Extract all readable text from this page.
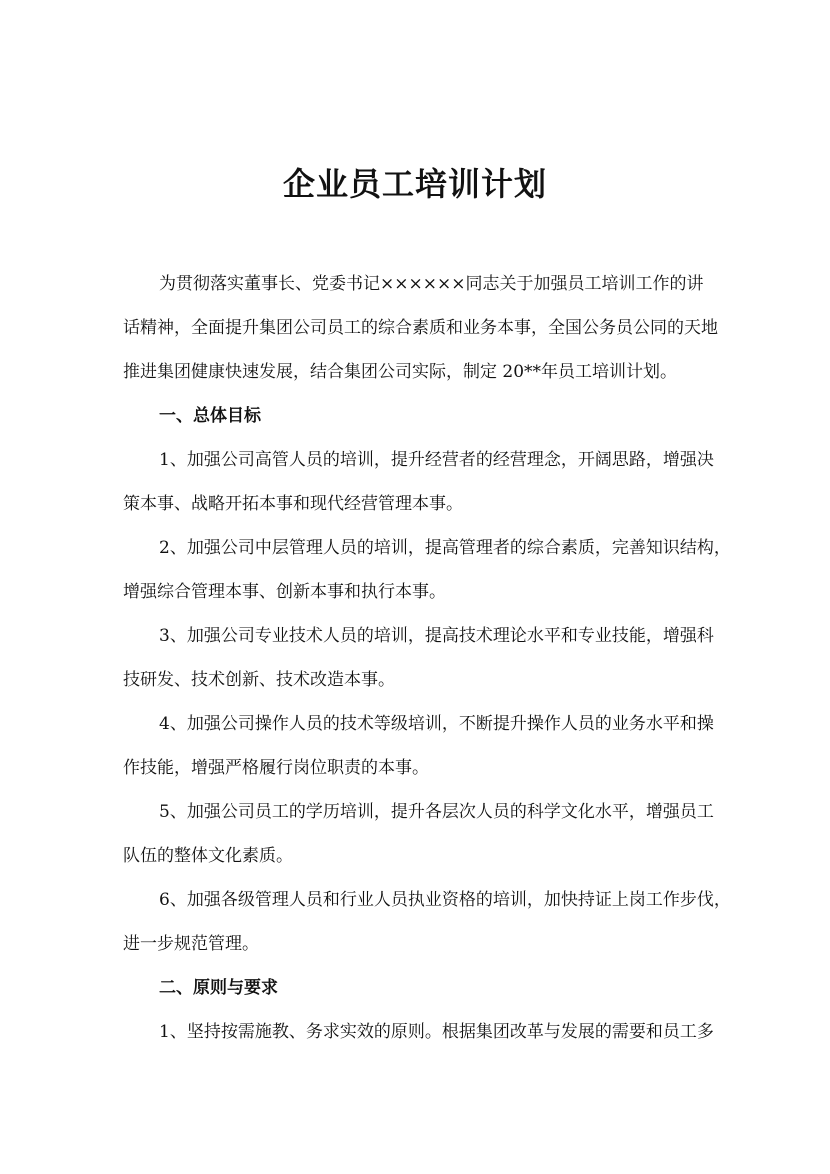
企业员工培训计划

为贯彻落实董事长、党委书记××××××同志关于加强员工培训工作的讲
话精神，全面提升集团公司员工的综合素质和业务本事，全国公务员公同的天地
推进集团健康快速发展，结合集团公司实际，制定 20**年员工培训计划。

一、总体目标

1、加强公司高管人员的培训，提升经营者的经营理念，开阔思路，增强决
策本事、战略开拓本事和现代经营管理本事。

2、加强公司中层管理人员的培训，提高管理者的综合素质，完善知识结构，
增强综合管理本事、创新本事和执行本事。

3、加强公司专业技术人员的培训，提高技术理论水平和专业技能，增强科
技研发、技术创新、技术改造本事。

4、加强公司操作人员的技术等级培训，不断提升操作人员的业务水平和操
作技能，增强严格履行岗位职责的本事。

5、加强公司员工的学历培训，提升各层次人员的科学文化水平，增强员工
队伍的整体文化素质。

6、加强各级管理人员和行业人员执业资格的培训，加快持证上岗工作步伐，
进一步规范管理。

二、原则与要求

1、坚持按需施教、务求实效的原则。根据集团改革与发展的需要和员工多
